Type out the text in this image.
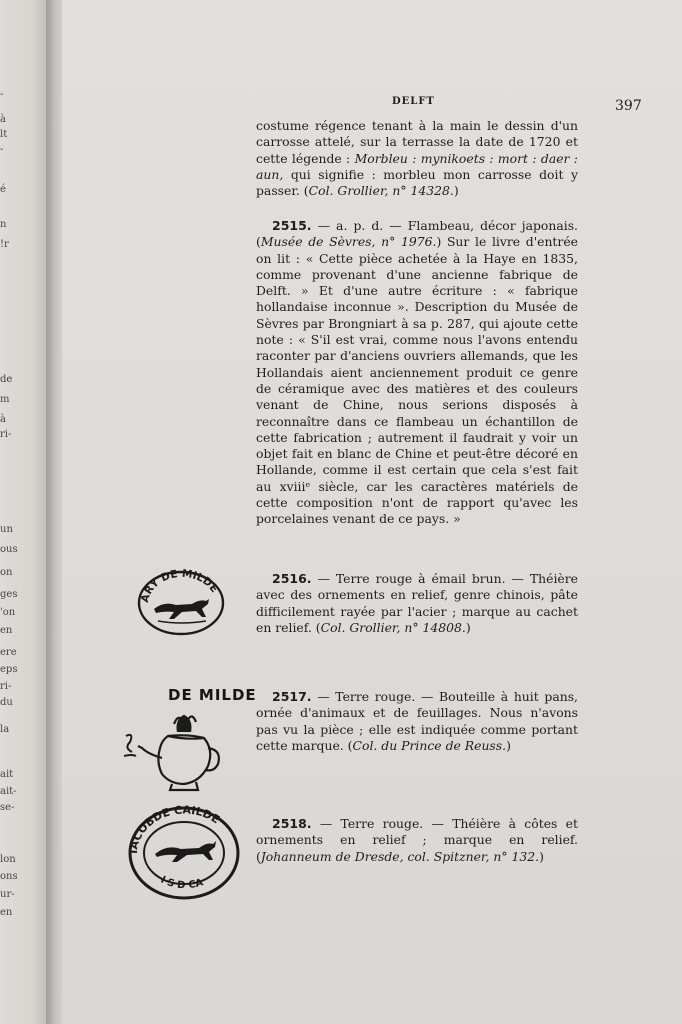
-
à
lt
-
é
n
!r
de
m
à
ri-
un
ous
on
ges
'on
en
ere
eps
ri-
du
la
ait
ait-
se-
lon
ons
ur-
en
DELFT	397

costume régence tenant à la main le dessin d'un carrosse attelé, sur la terrasse la date de 1720 et cette légende : Morbleu : mynikoets : mort : daer : aun, qui signifie : morbleu mon carrosse doit y passer. (Col. Grollier, n° 14328.)

2515. — a. p. d. — Flambeau, décor japonais. (Musée de Sèvres, n° 1976.) Sur le livre d'entrée on lit : « Cette pièce achetée à la Haye en 1835, comme provenant d'une ancienne fabrique de Delft. » Et d'une autre écriture : « fabrique hollandaise inconnue ». Description du Musée de Sèvres par Brongniart à sa p. 287, qui ajoute cette note : « S'il est vrai, comme nous l'avons entendu raconter par d'anciens ouvriers allemands, que les Hollandais aient anciennement produit ce genre de céramique avec des matières et des couleurs venant de Chine, nous serions disposés à reconnaître dans ce flambeau un échantillon de cette fabrication ; autrement il faudrait y voir un objet fait en blanc de Chine et peut-être décoré en Hollande, comme il est certain que cela s'est fait au xviiiᵉ siècle, car les caractères matériels de cette composition n'ont de rapport qu'avec les porcelaines venant de ce pays. »

2516. — Terre rouge à émail brun. — Théière avec des ornements en relief, genre chinois, pâte difficilement rayée par l'acier ; marque au cachet en relief. (Col. Grollier, n° 14808.)

ARY DE MILDE
DE MILDE	2517. — Terre rouge. — Bouteille à huit pans, ornée d'animaux et de feuillages. Nous n'avons pas vu la pièce ; elle est indiquée comme portant cette marque. (Col. du Prince de Reuss.)

IACOBDE CAILDE
I S D CA

2518. — Terre rouge. — Théière à côtes et ornements en relief ; marque en relief. (Johanneum de Dresde, col. Spitzner, n° 132.)
